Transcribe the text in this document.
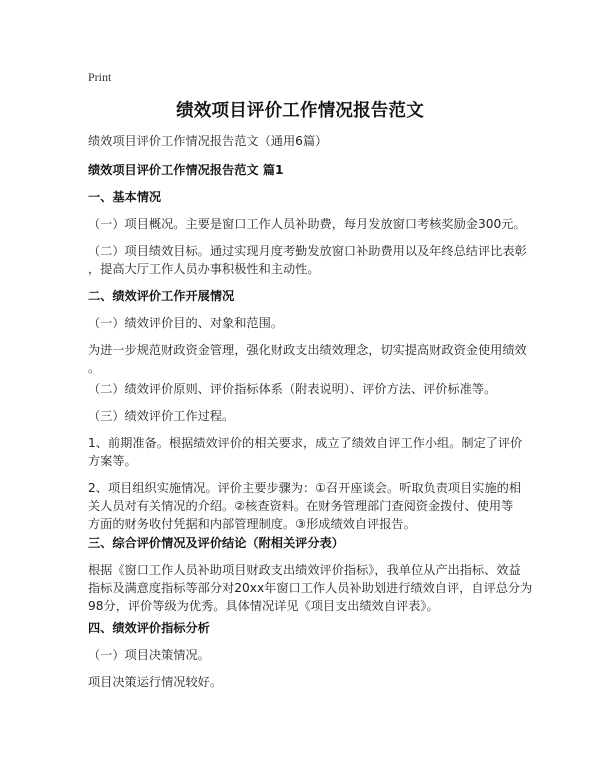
Print
绩效项目评价工作情况报告范文
绩效项目评价工作情况报告范文（通用6篇）
绩效项目评价工作情况报告范文 篇1
一、基本情况
（一）项目概况。主要是窗口工作人员补助费，每月发放窗口考核奖励金300元。
（二）项目绩效目标。通过实现月度考勤发放窗口补助费用以及年终总结评比表彰
，提高大厅工作人员办事积极性和主动性。
二、绩效评价工作开展情况
（一）绩效评价目的、对象和范围。
为进一步规范财政资金管理，强化财政支出绩效理念，切实提高财政资金使用绩效
。
（二）绩效评价原则、评价指标体系（附表说明）、评价方法、评价标准等。
（三）绩效评价工作过程。
1、前期准备。根据绩效评价的相关要求，成立了绩效自评工作小组。制定了评价
方案等。
2、项目组织实施情况。评价主要步骤为：①召开座谈会。听取负责项目实施的相
关人员对有关情况的介绍。②核查资料。在财务管理部门查阅资金拨付、使用等
方面的财务收付凭据和内部管理制度。③形成绩效自评报告。
三、综合评价情况及评价结论（附相关评分表）
根据《窗口工作人员补助项目财政支出绩效评价指标》，我单位从产出指标、效益
指标及满意度指标等部分对20xx年窗口工作人员补助划进行绩效自评，自评总分为
98分，评价等级为优秀。具体情况详见《项目支出绩效自评表》。
四、绩效评价指标分析
（一）项目决策情况。
项目决策运行情况较好。
